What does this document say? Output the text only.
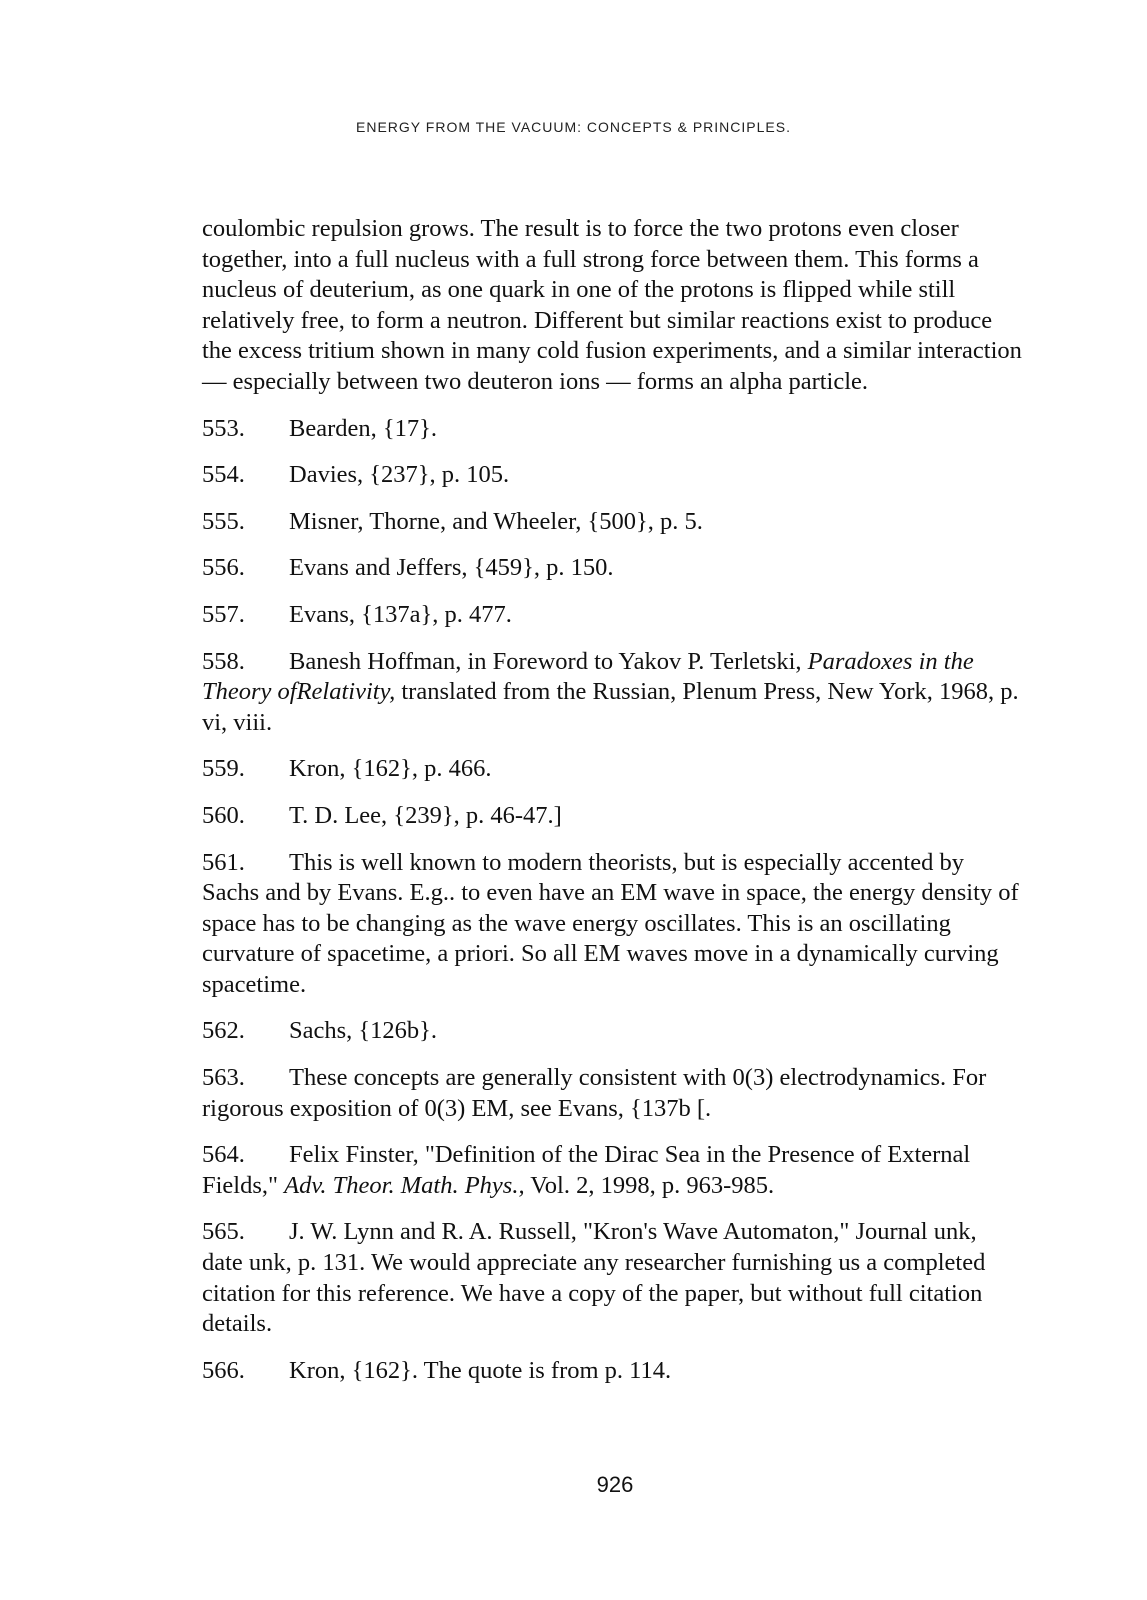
ENERGY FROM THE VACUUM: CONCEPTS & PRINCIPLES.

coulombic repulsion grows. The result is to force the two protons even closer together, into a full nucleus with a full strong force between them. This forms a nucleus of deuterium, as one quark in one of the protons is flipped while still relatively free, to form a neutron. Different but similar reactions exist to produce the excess tritium shown in many cold fusion experiments, and a similar interaction — especially between two deuteron ions — forms an alpha particle.

553. Bearden, {17}.

554. Davies, {237}, p. 105.

555. Misner, Thorne, and Wheeler, {500}, p. 5.

556. Evans and Jeffers, {459}, p. 150.

557. Evans, {137a}, p. 477.

558. Banesh Hoffman, in Foreword to Yakov P. Terletski, Paradoxes in the Theory ofRelativity, translated from the Russian, Plenum Press, New York, 1968, p. vi, viii.

559. Kron, {162}, p. 466.

560. T. D. Lee, {239}, p. 46-47.]

561. This is well known to modern theorists, but is especially accented by Sachs and by Evans. E.g.. to even have an EM wave in space, the energy density of space has to be changing as the wave energy oscillates. This is an oscillating curvature of spacetime, a priori. So all EM waves move in a dynamically curving spacetime.

562. Sachs, {126b}.

563. These concepts are generally consistent with 0(3) electrodynamics. For rigorous exposition of 0(3) EM, see Evans, {137b [.

564. Felix Finster, "Definition of the Dirac Sea in the Presence of External Fields," Adv. Theor. Math. Phys., Vol. 2, 1998, p. 963-985.

565. J. W. Lynn and R. A. Russell, "Kron's Wave Automaton," Journal unk, date unk, p. 131. We would appreciate any researcher furnishing us a completed citation for this reference. We have a copy of the paper, but without full citation details.

566. Kron, {162}. The quote is from p. 114.

926
